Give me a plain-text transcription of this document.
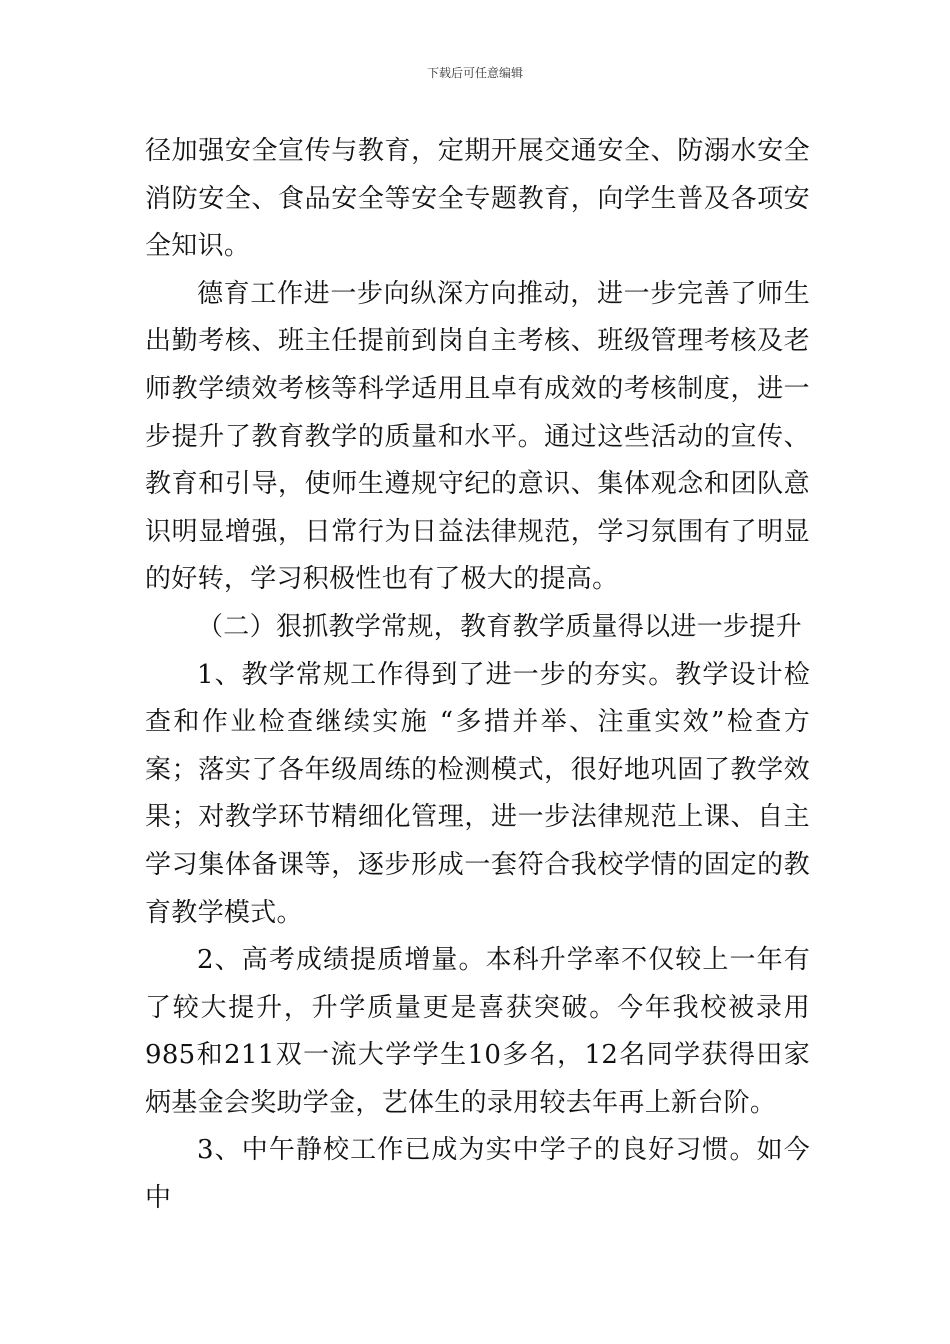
下载后可任意编辑

径加强安全宣传与教育，定期开展交通安全、防溺水安全消防安全、食品安全等安全专题教育，向学生普及各项安全知识。

德育工作进一步向纵深方向推动，进一步完善了师生出勤考核、班主任提前到岗自主考核、班级管理考核及老师教学绩效考核等科学适用且卓有成效的考核制度，进一步提升了教育教学的质量和水平。通过这些活动的宣传、教育和引导，使师生遵规守纪的意识、集体观念和团队意识明显增强，日常行为日益法律规范，学习氛围有了明显的好转，学习积极性也有了极大的提高。

（二）狠抓教学常规，教育教学质量得以进一步提升

1、教学常规工作得到了进一步的夯实。教学设计检查和作业检查继续实施 “多措并举、注重实效”检查方案；落实了各年级周练的检测模式，很好地巩固了教学效果；对教学环节精细化管理，进一步法律规范上课、自主学习集体备课等，逐步形成一套符合我校学情的固定的教育教学模式。

2、高考成绩提质增量。本科升学率不仅较上一年有了较大提升，升学质量更是喜获突破。今年我校被录用985和211双一流大学学生10多名，12名同学获得田家炳基金会奖助学金，艺体生的录用较去年再上新台阶。

3、中午静校工作已成为实中学子的良好习惯。如今中
